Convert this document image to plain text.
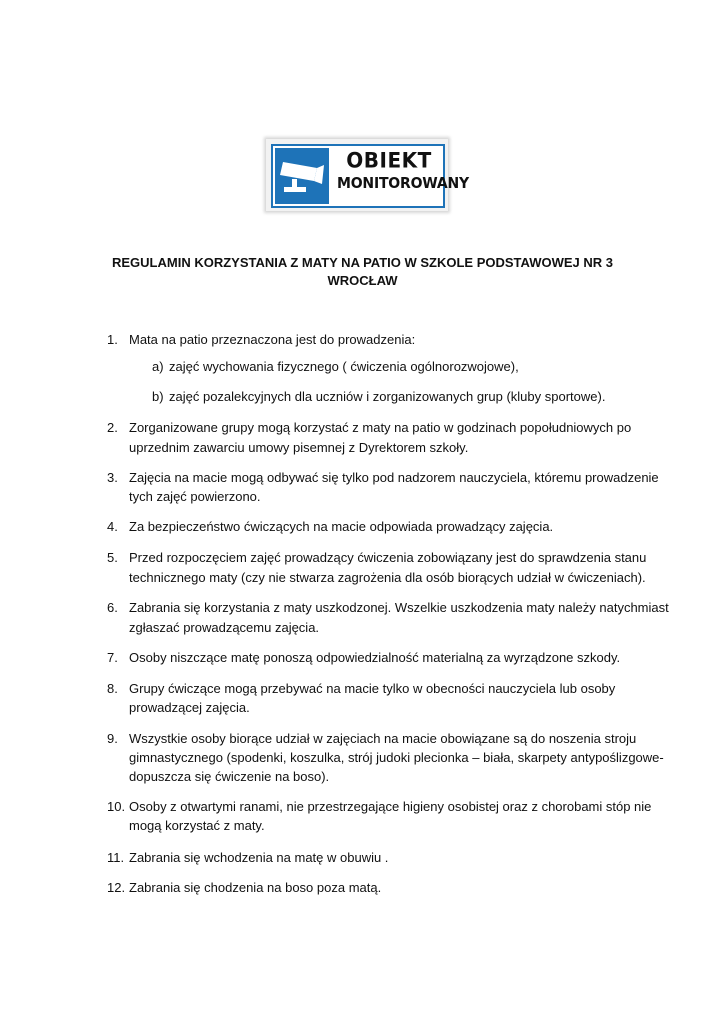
OBIEKT
MONITOROWANY
REGULAMIN KORZYSTANIA Z MATY NA PATIO W SZKOLE PODSTAWOWEJ NR 3
WROCŁAW
1. Mata na patio przeznaczona jest do prowadzenia:
a) zajęć wychowania fizycznego ( ćwiczenia ogólnorozwojowe),
b) zajęć pozalekcyjnych dla uczniów i zorganizowanych grup (kluby sportowe).
2. Zorganizowane grupy mogą korzystać z maty na patio w godzinach popołudniowych po
uprzednim zawarciu umowy pisemnej z Dyrektorem szkoły.
3. Zajęcia na macie mogą odbywać się tylko pod nadzorem nauczyciela, któremu prowadzenie
tych zajęć powierzono.
4. Za bezpieczeństwo ćwiczących na macie odpowiada prowadzący zajęcia.
5. Przed rozpoczęciem zajęć prowadzący ćwiczenia zobowiązany jest do sprawdzenia stanu
technicznego maty (czy nie stwarza zagrożenia dla osób biorących udział w ćwiczeniach).
6. Zabrania się korzystania z maty uszkodzonej. Wszelkie uszkodzenia maty należy natychmiast
zgłaszać prowadzącemu zajęcia.
7. Osoby niszczące matę ponoszą odpowiedzialność materialną za wyrządzone szkody.
8. Grupy ćwiczące mogą przebywać na macie tylko w obecności nauczyciela lub osoby
prowadzącej zajęcia.
9. Wszystkie osoby biorące udział w zajęciach na macie obowiązane są do noszenia stroju
gimnastycznego (spodenki, koszulka, strój judoki plecionka – biała, skarpety antypoślizgowe-
dopuszcza się ćwiczenie na boso).
10. Osoby z otwartymi ranami, nie przestrzegające higieny osobistej oraz z chorobami stóp nie
mogą korzystać z maty.
11. Zabrania się wchodzenia na matę w obuwiu .
12. Zabrania się chodzenia na boso poza matą.
